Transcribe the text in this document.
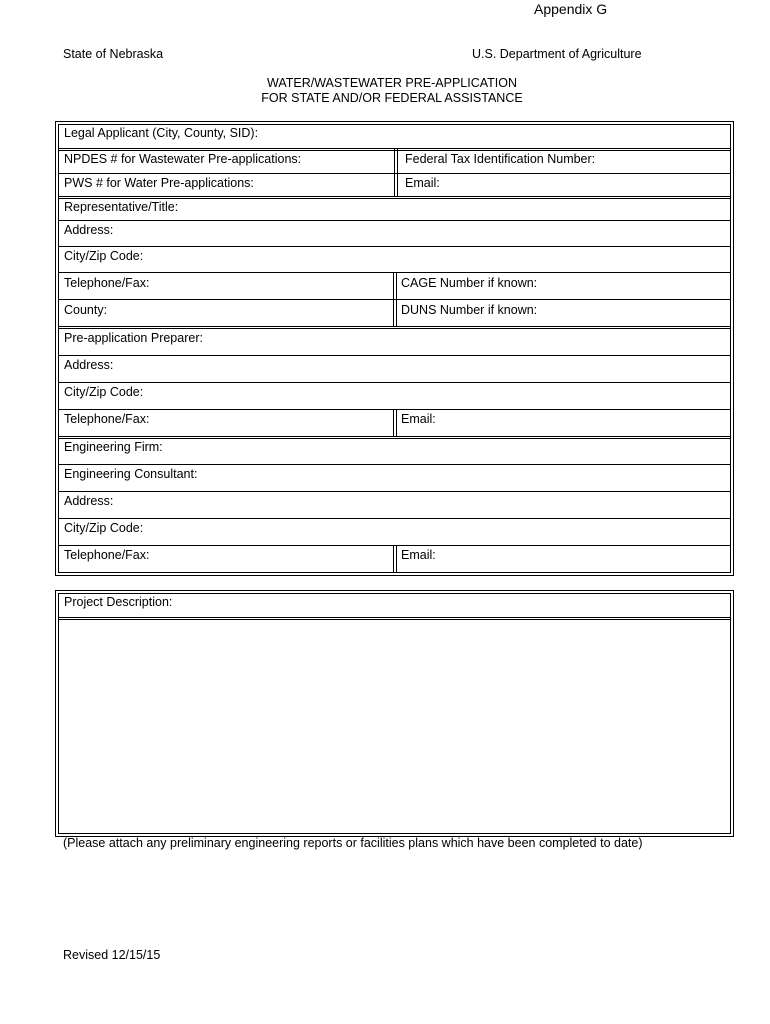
Appendix G
State of Nebraska	U.S. Department of Agriculture
WATER/WASTEWATER PRE-APPLICATION
FOR STATE AND/OR FEDERAL ASSISTANCE
Legal Applicant (City, County, SID):
NPDES # for Wastewater Pre-applications:	Federal Tax Identification Number:
PWS # for Water Pre-applications:	Email:
Representative/Title:
Address:
City/Zip Code:
Telephone/Fax:	CAGE Number if known:
County:	DUNS Number if known:
Pre-application Preparer:
Address:
City/Zip Code:
Telephone/Fax:	Email:
Engineering Firm:
Engineering Consultant:
Address:
City/Zip Code:
Telephone/Fax:	Email:
Project Description:
(Please attach any preliminary engineering reports or facilities plans which have been completed to date)
Revised 12/15/15
